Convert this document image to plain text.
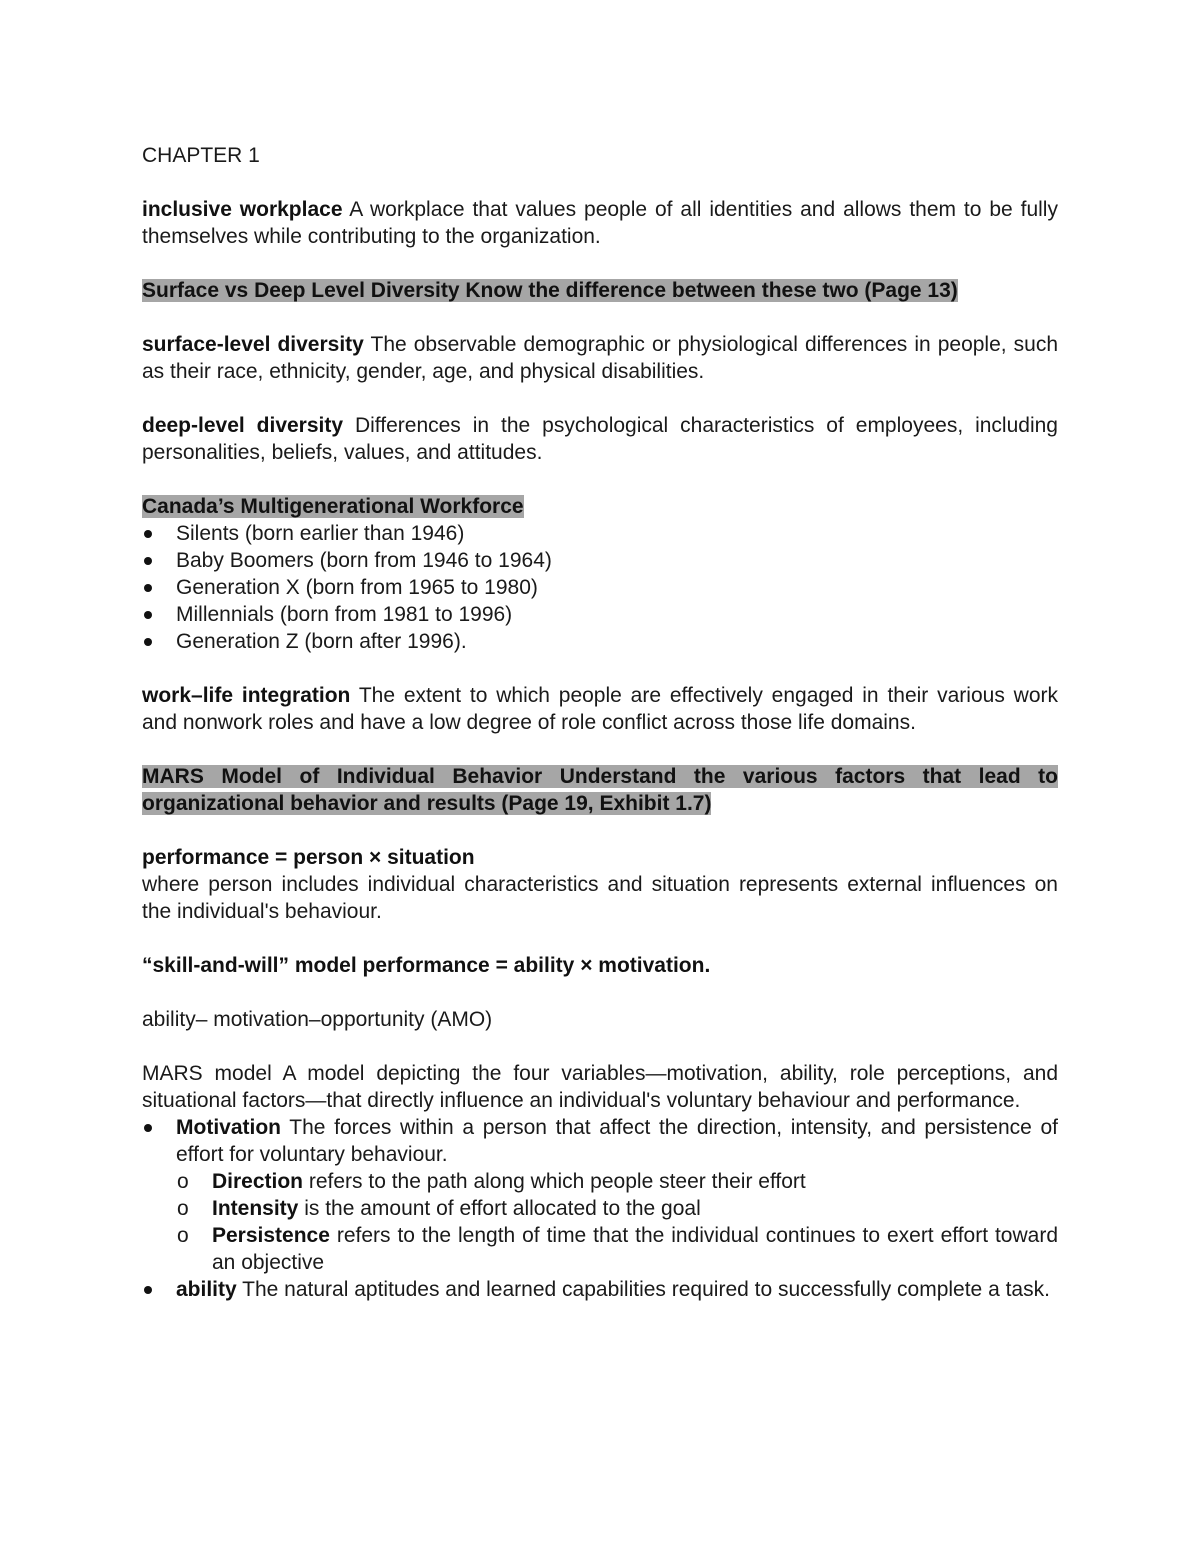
CHAPTER 1

inclusive workplace A workplace that values people of all identities and allows them to be fully themselves while contributing to the organization.

Surface vs Deep Level Diversity Know the difference between these two (Page 13)

surface-level diversity The observable demographic or physiological differences in people, such as their race, ethnicity, gender, age, and physical disabilities.

deep-level diversity Differences in the psychological characteristics of employees, including personalities, beliefs, values, and attitudes.

Canada’s Multigenerational Workforce

Silents (born earlier than 1946)
Baby Boomers (born from 1946 to 1964)
Generation X (born from 1965 to 1980)
Millennials (born from 1981 to 1996)
Generation Z (born after 1996).

work–life integration The extent to which people are effectively engaged in their various work and nonwork roles and have a low degree of role conflict across those life domains.

MARS Model of Individual Behavior Understand the various factors that lead to organizational behavior and results (Page 19, Exhibit 1.7)

performance = person × situation

where person includes individual characteristics and situation represents external influences on the individual's behaviour.

“skill-and-will” model performance = ability × motivation.

ability– motivation–opportunity (AMO)

MARS model A model depicting the four variables—motivation, ability, role perceptions, and situational factors—that directly influence an individual's voluntary behaviour and performance.

Motivation The forces within a person that affect the direction, intensity, and persistence of effort for voluntary behaviour.
o Direction refers to the path along which people steer their effort
o Intensity is the amount of effort allocated to the goal
o Persistence refers to the length of time that the individual continues to exert effort toward an objective
ability The natural aptitudes and learned capabilities required to successfully complete a task.
